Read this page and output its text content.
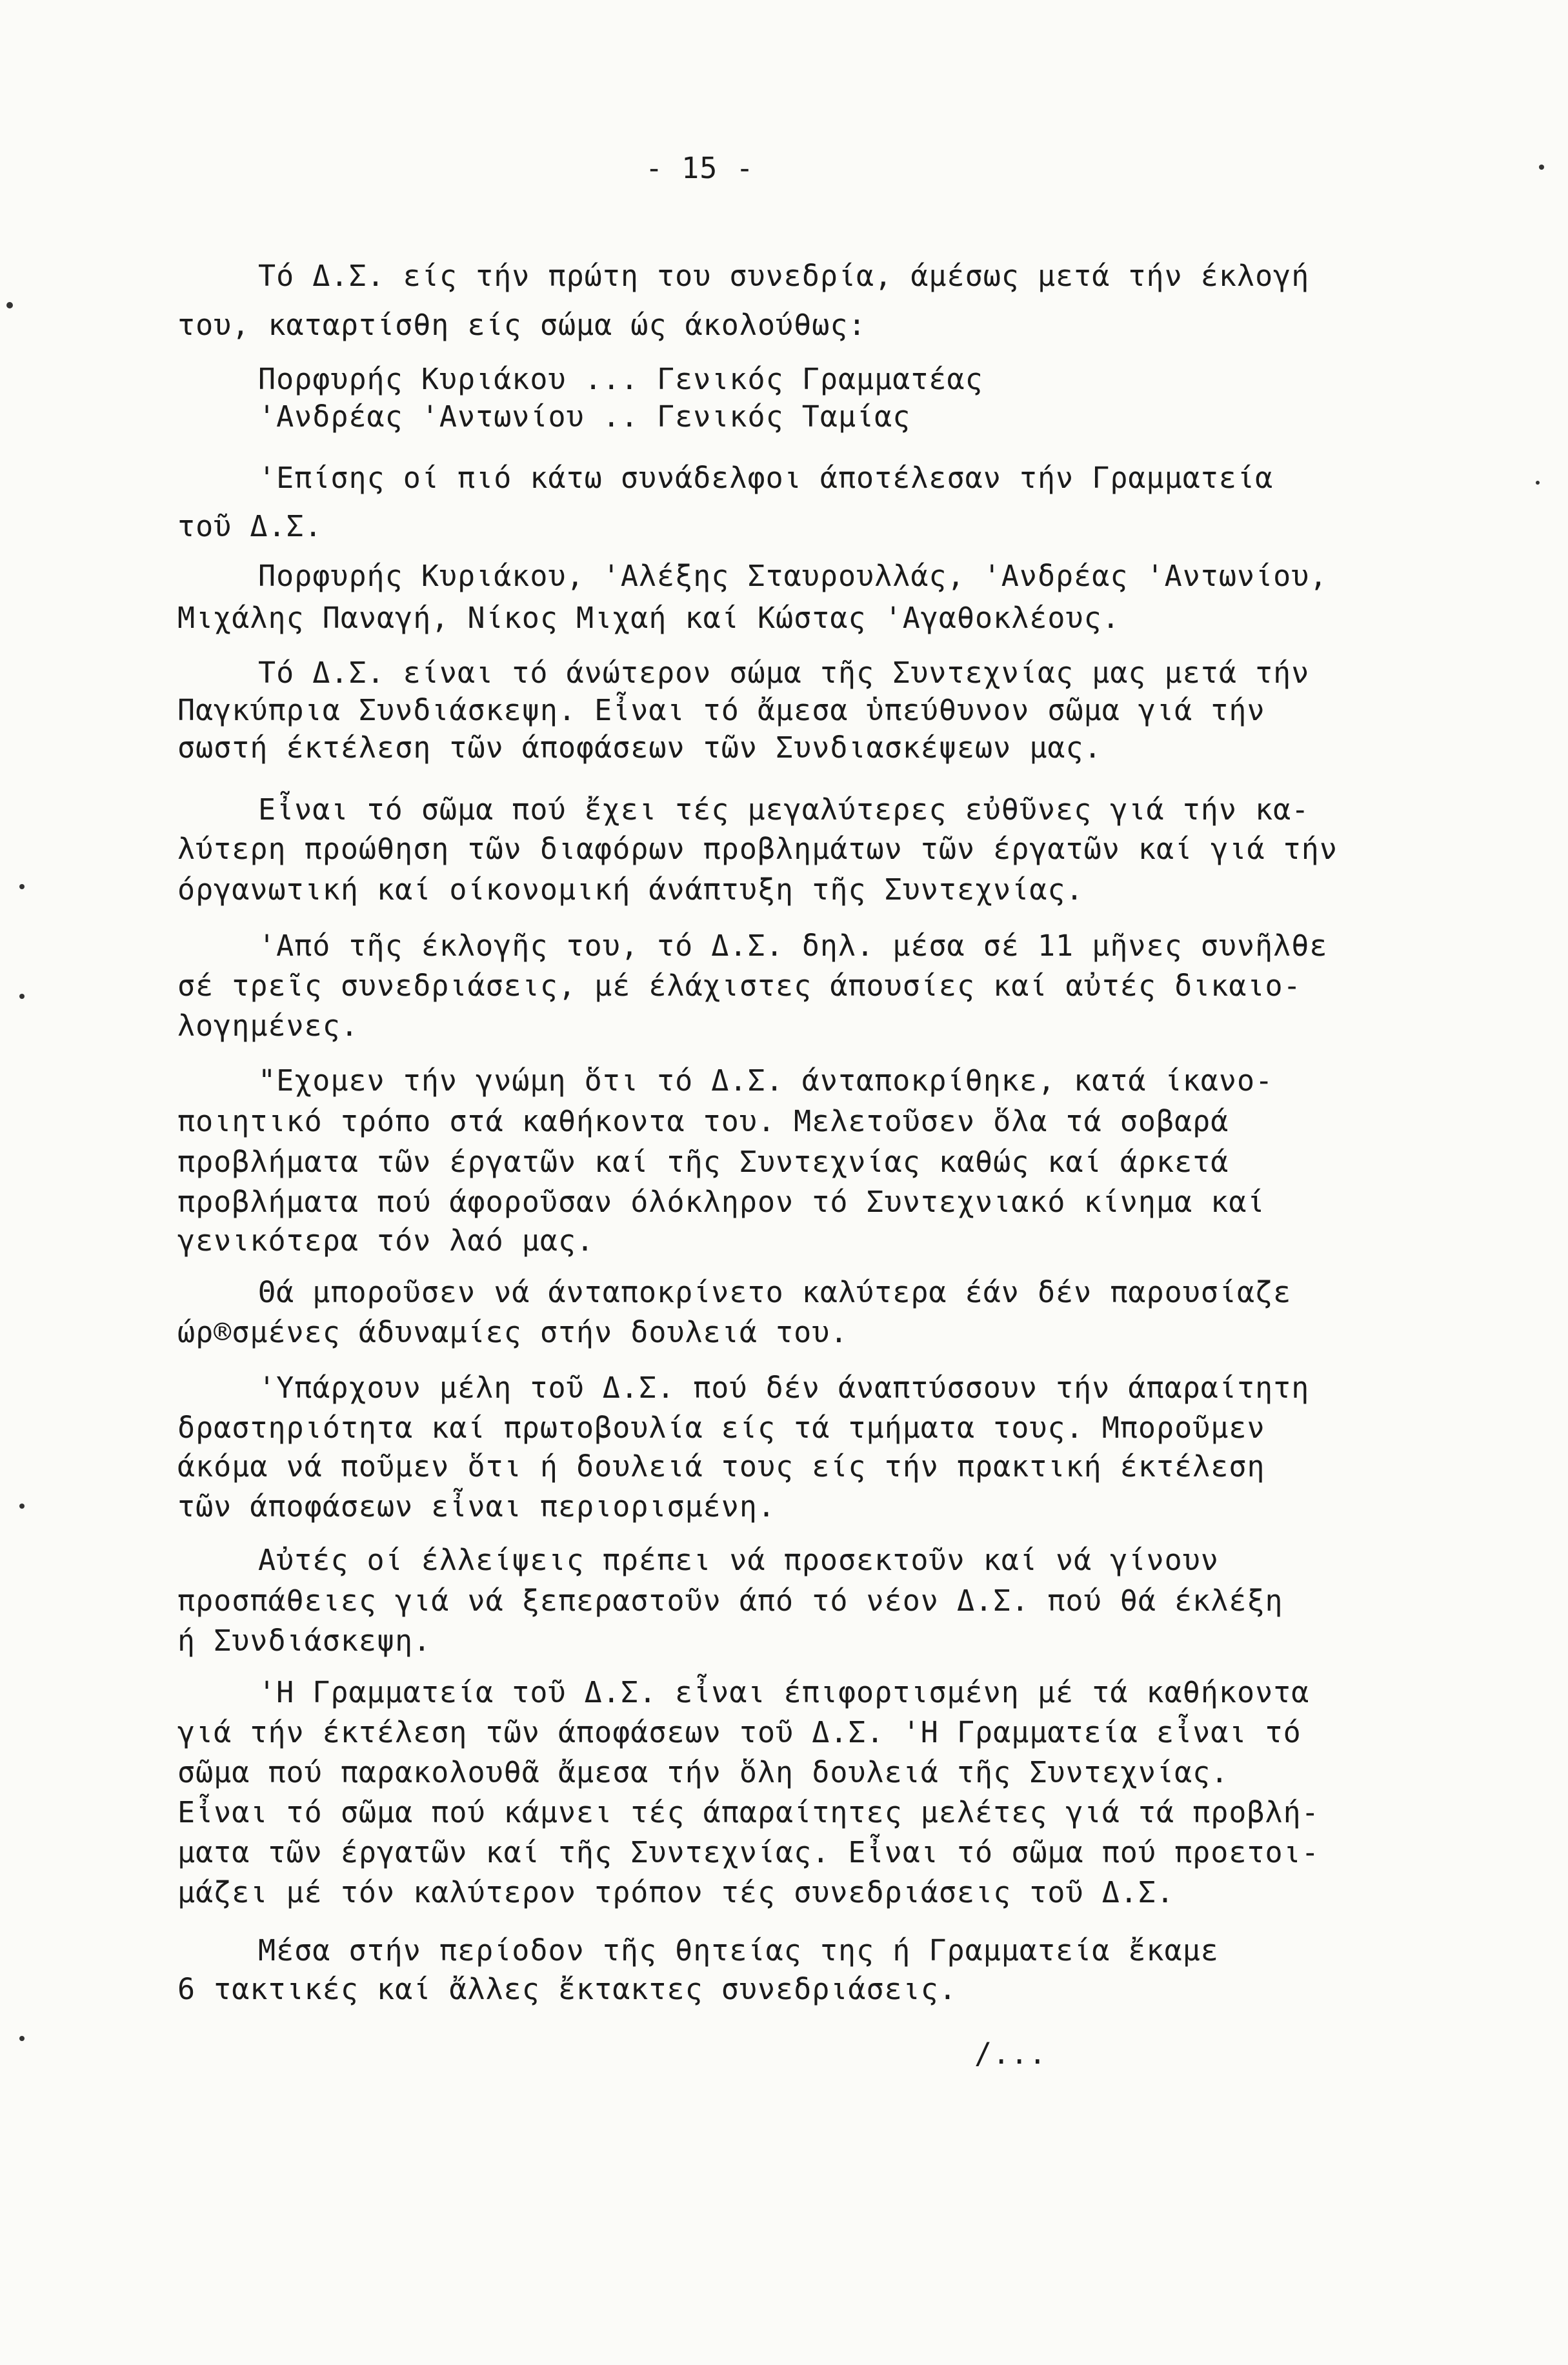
- 15 -
Τό Δ.Σ. είς τήν πρώτη του συνεδρία, άμέσως μετά τήν έκλογή
του, καταρτίσθη είς σώμα ώς άκολούθως:
Πορφυρής Κυριάκου ... Γενικός Γραμματέας
'Ανδρέας 'Αντωνίου .. Γενικός Ταμίας
'Επίσης οί πιό κάτω συνάδελφοι άποτέλεσαν τήν Γραμματεία
τοῦ Δ.Σ.
Πορφυρής Κυριάκου, 'Αλέξης Σταυρουλλάς, 'Ανδρέας 'Αντωνίου,
Μιχάλης Παναγή, Νίκος Μιχαή καί Κώστας 'Αγαθοκλέους.
Τό Δ.Σ. είναι τό άνώτερον σώμα τῆς Συντεχνίας μας μετά τήν
Παγκύπρια Συνδιάσκεψη. Εἶναι τό ἄμεσα ὑπεύθυνον σῶμα γιά τήν
σωστή έκτέλεση τῶν άποφάσεων τῶν Συνδιασκέψεων μας.
Εἶναι τό σῶμα πού ἔχει τές μεγαλύτερες εὐθῦνες γιά τήν κα-
λύτερη προώθηση τῶν διαφόρων προβλημάτων τῶν έργατῶν καί γιά τήν
όργανωτική καί οίκονομική άνάπτυξη τῆς Συντεχνίας.
'Από τῆς έκλογῆς του, τό Δ.Σ. δηλ. μέσα σέ 11 μῆνες συνῆλθε
σέ τρεῖς συνεδριάσεις, μέ έλάχιστες άπουσίες καί αὐτές δικαιο-
λογημένες.
"Εχομεν τήν γνώμη ὅτι τό Δ.Σ. άνταποκρίθηκε, κατά ίκανο-
ποιητικό τρόπο στά καθήκοντα του. Μελετοῦσεν ὅλα τά σοβαρά
προβλήματα τῶν έργατῶν καί τῆς Συντεχνίας καθώς καί άρκετά
προβλήματα πού άφοροῦσαν όλόκληρον τό Συντεχνιακό κίνημα καί
γενικότερα τόν λαό μας.
Θά μποροῦσεν νά άνταποκρίνετο καλύτερα έάν δέν παρουσίαζε
ώρ®σμένες άδυναμίες στήν δουλειά του.
'Υπάρχουν μέλη τοῦ Δ.Σ. πού δέν άναπτύσσουν τήν άπαραίτητη
δραστηριότητα καί πρωτοβουλία είς τά τμήματα τους. Μποροῦμεν
άκόμα νά ποῦμεν ὅτι ή δουλειά τους είς τήν πρακτική έκτέλεση
τῶν άποφάσεων εἶναι περιορισμένη.
Αὐτές οί έλλείψεις πρέπει νά προσεκτοῦν καί νά γίνουν
προσπάθειες γιά νά ξεπεραστοῦν άπό τό νέον Δ.Σ. πού θά έκλέξη
ή Συνδιάσκεψη.
'Η Γραμματεία τοῦ Δ.Σ. εἶναι έπιφορτισμένη μέ τά καθήκοντα
γιά τήν έκτέλεση τῶν άποφάσεων τοῦ Δ.Σ. 'Η Γραμματεία εἶναι τό
σῶμα πού παρακολουθᾶ ἄμεσα τήν ὅλη δουλειά τῆς Συντεχνίας.
Εἶναι τό σῶμα πού κάμνει τές άπαραίτητες μελέτες γιά τά προβλή-
ματα τῶν έργατῶν καί τῆς Συντεχνίας. Εἶναι τό σῶμα πού προετοι-
μάζει μέ τόν καλύτερον τρόπον τές συνεδριάσεις τοῦ Δ.Σ.
Μέσα στήν περίοδον τῆς θητείας της ή Γραμματεία ἔκαμε
6 τακτικές καί ἄλλες ἔκτακτες συνεδριάσεις.
/...
